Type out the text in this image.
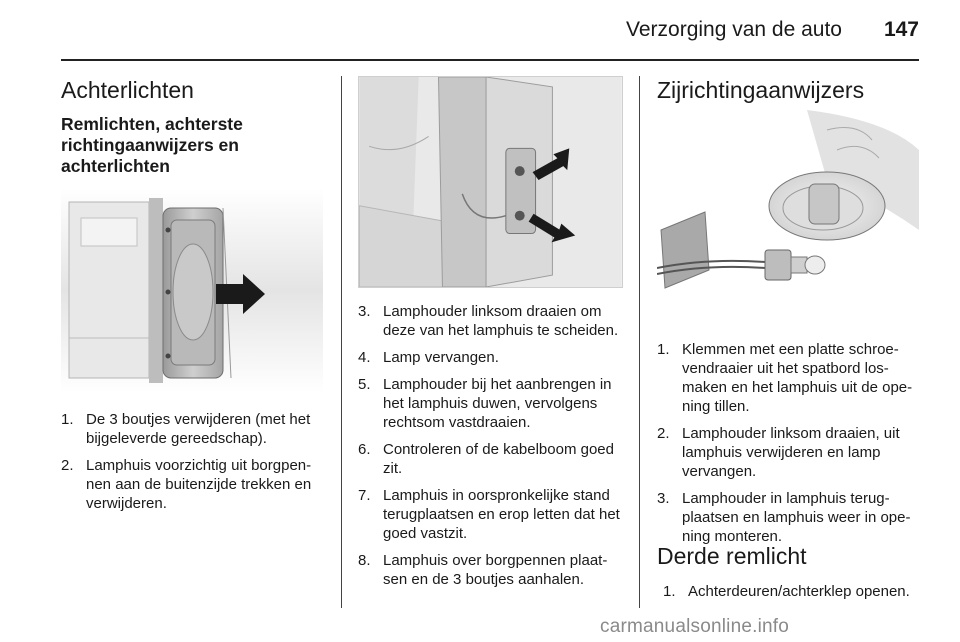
Verzorging van de auto 147
Achterlichten
Remlichten, achterste richtingaanwijzers en achterlichten
1. De 3 boutjes verwijderen (met het bijgeleverde gereedschap).
2. Lamphuis voorzichtig uit borgpennen aan de buitenzijde trekken en verwijderen.
3. Lamphouder linksom draaien om deze van het lamphuis te scheiden.
4. Lamp vervangen.
5. Lamphouder bij het aanbrengen in het lamphuis duwen, vervolgens rechtsom vastdraaien.
6. Controleren of de kabelboom goed zit.
7. Lamphuis in oorspronkelijke stand terugplaatsen en erop letten dat het goed vastzit.
8. Lamphuis over borgpennen plaatsen en de 3 boutjes aanhalen.
Zijrichtingaanwijzers
1. Klemmen met een platte schroevendraaier uit het spatbord losmaken en het lamphuis uit de opening tillen.
2. Lamphouder linksom draaien, uit lamphuis verwijderen en lamp vervangen.
3. Lamphouder in lamphuis terugplaatsen en lamphuis weer in opening monteren.
Derde remlicht
1. Achterdeuren/achterklep openen.
carmanualsonline.info
